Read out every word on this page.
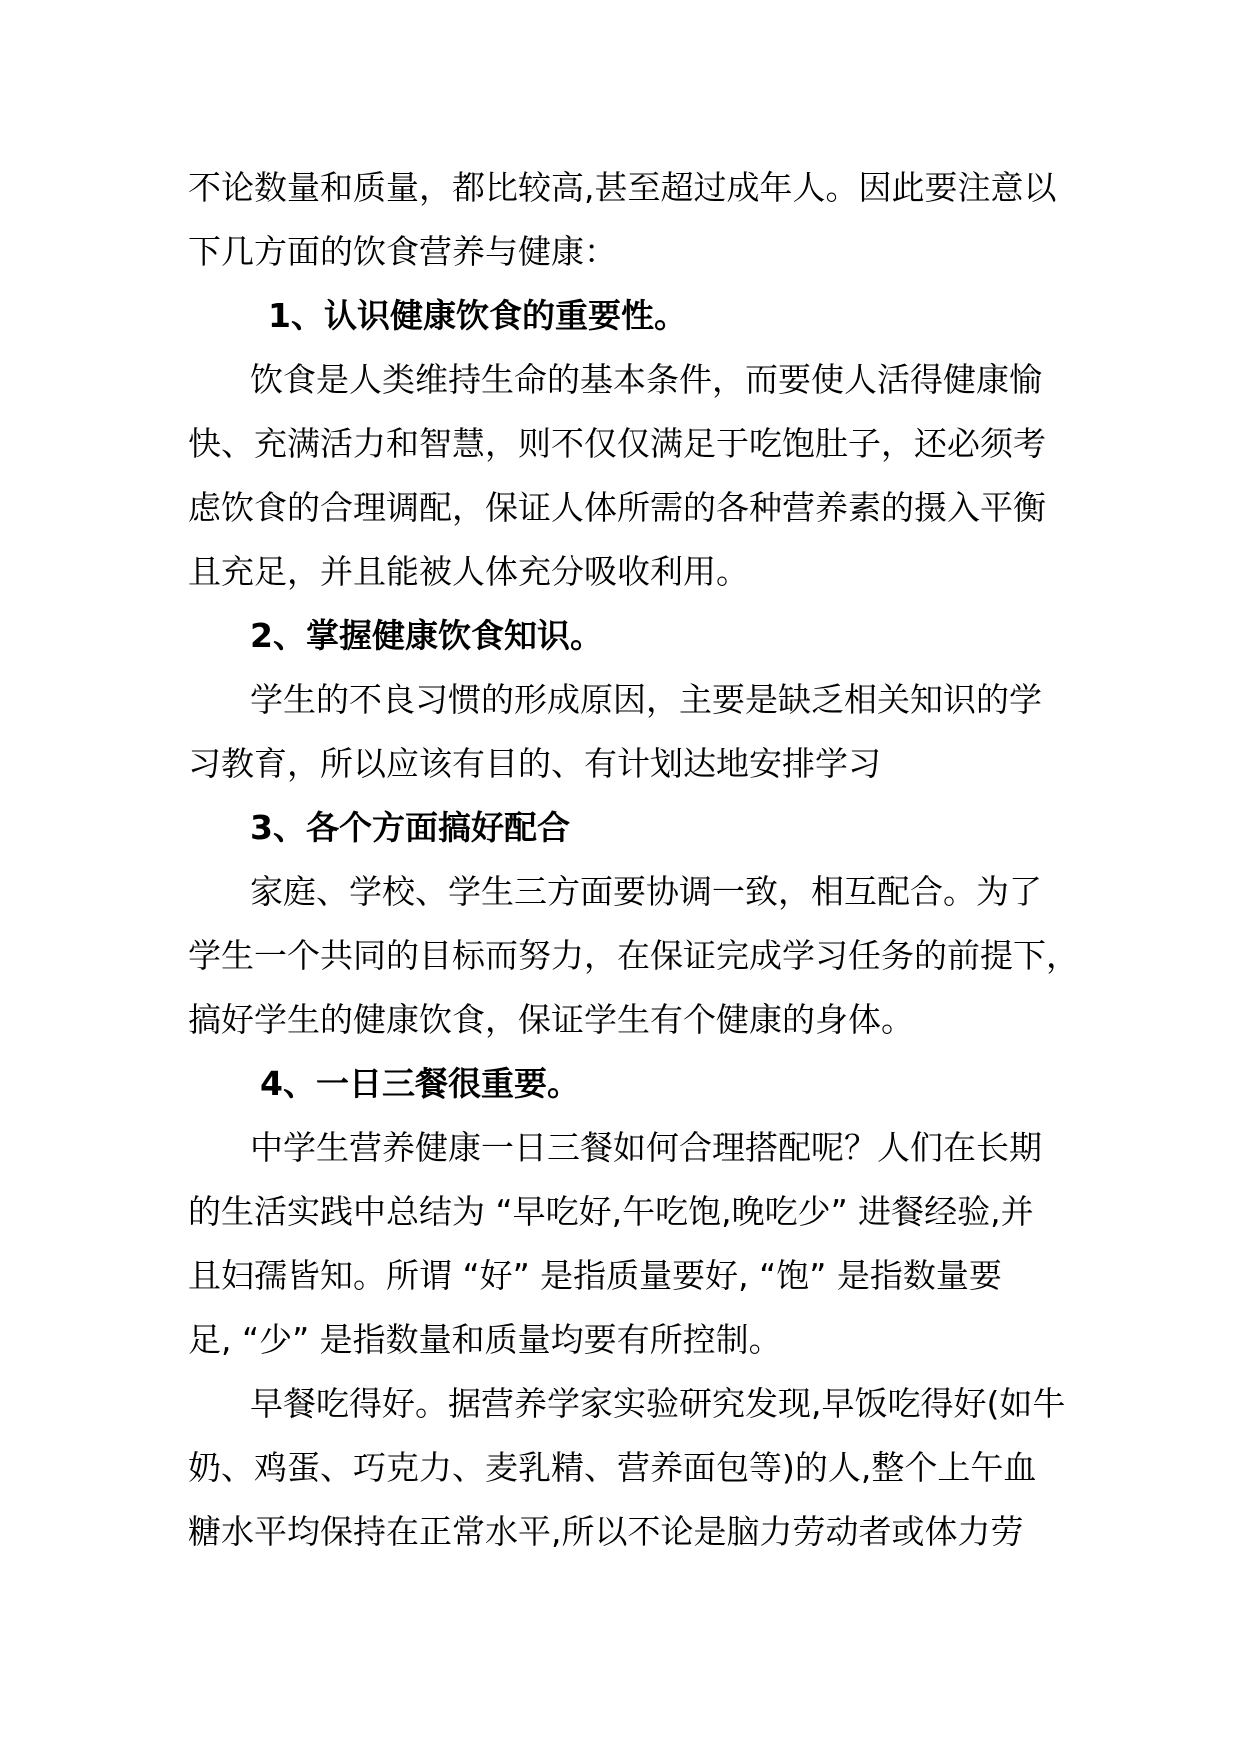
不论数量和质量，都比较高,甚至超过成年人。因此要注意以

下几方面的饮食营养与健康：

1、认识健康饮食的重要性。

饮食是人类维持生命的基本条件，而要使人活得健康愉

快、充满活力和智慧，则不仅仅满足于吃饱肚子，还必须考

虑饮食的合理调配，保证人体所需的各种营养素的摄入平衡

且充足，并且能被人体充分吸收利用。

2、掌握健康饮食知识。

学生的不良习惯的形成原因，主要是缺乏相关知识的学

习教育，所以应该有目的、有计划达地安排学习

3、各个方面搞好配合

家庭、学校、学生三方面要协调一致，相互配合。为了

学生一个共同的目标而努力，在保证完成学习任务的前提下，

搞好学生的健康饮食，保证学生有个健康的身体。

4、一日三餐很重要。

中学生营养健康一日三餐如何合理搭配呢？人们在长期

的生活实践中总结为 “早吃好,午吃饱,晚吃少” 进餐经验,并

且妇孺皆知。所谓 “好” 是指质量要好, “饱” 是指数量要

足, “少” 是指数量和质量均要有所控制。

早餐吃得好。据营养学家实验研究发现,早饭吃得好(如牛

奶、鸡蛋、巧克力、麦乳精、营养面包等)的人,整个上午血

糖水平均保持在正常水平,所以不论是脑力劳动者或体力劳
